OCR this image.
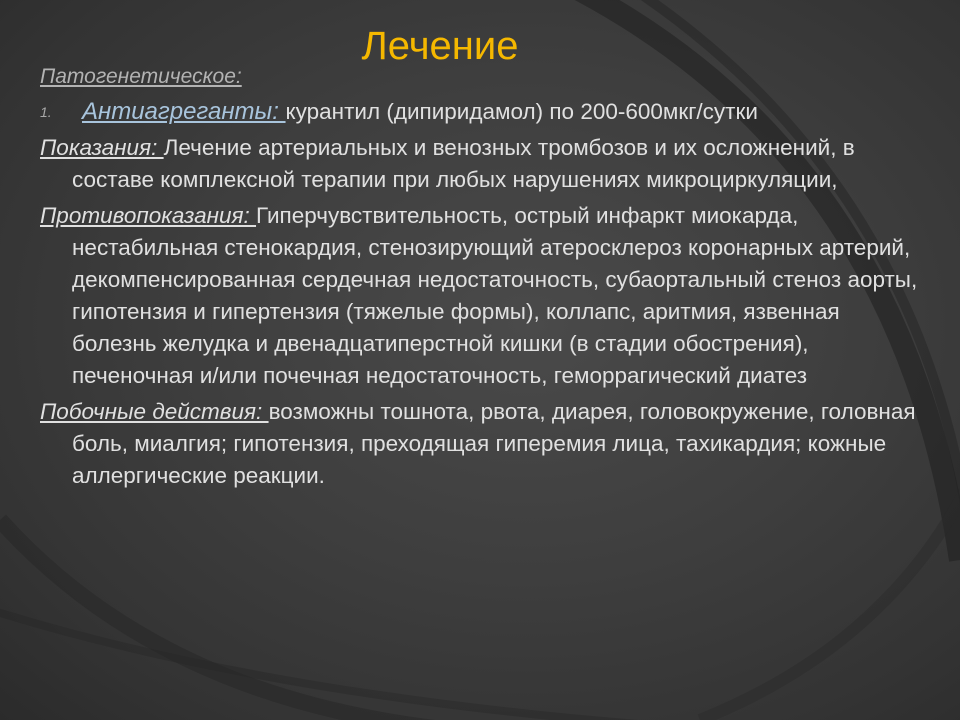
Лечение
Патогенетическое:
1. Антиагреганты: курантил (дипиридамол) по 200-600мкг/сутки
Показания: Лечение артериальных и венозных тромбозов и их осложнений, в составе комплексной терапии при любых нарушениях микроциркуляции,
Противопоказания: Гиперчувствительность, острый инфаркт миокарда, нестабильная стенокардия, стенозирующий атеросклероз коронарных артерий, декомпенсированная сердечная недостаточность, субаортальный стеноз аорты, гипотензия и гипертензия (тяжелые формы), коллапс, аритмия, язвенная болезнь желудка и двенадцатиперстной кишки (в стадии обострения), печеночная и/или почечная недостаточность, геморрагический диатез
Побочные действия: возможны тошнота, рвота, диарея, головокружение, головная боль, миалгия; гипотензия, преходящая гиперемия лица, тахикардия; кожные аллергические реакции.
